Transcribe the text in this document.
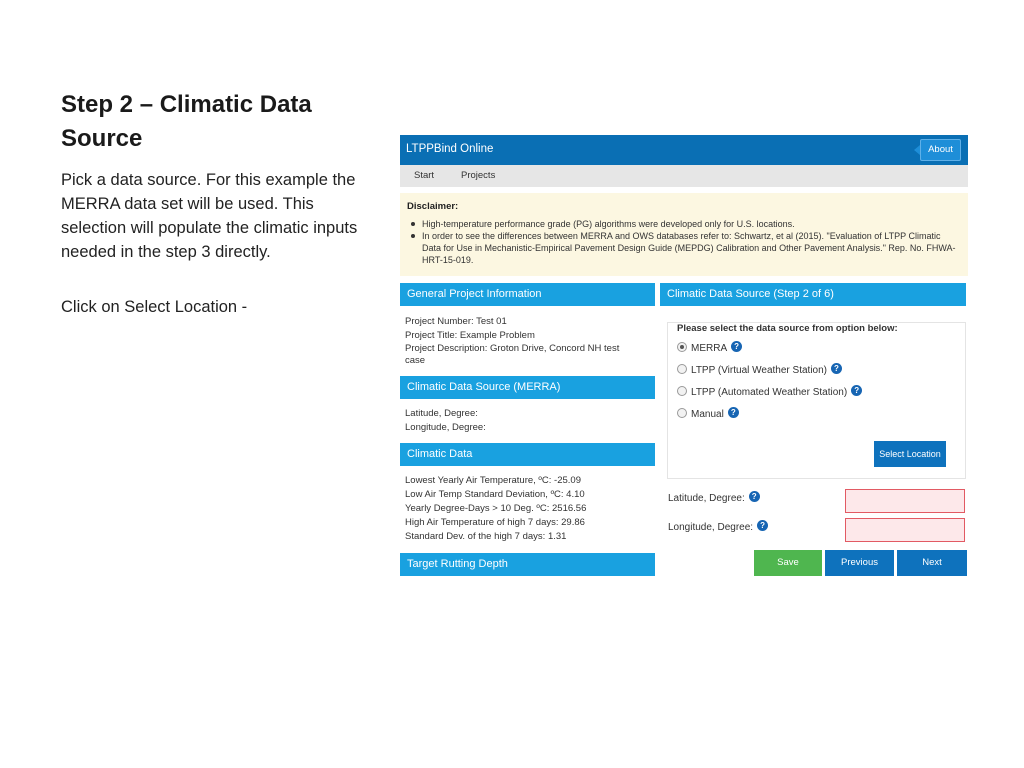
Step 2 – Climatic Data
Source
Pick a data source. For this example the MERRA data set will be used. This selection will populate the climatic inputs needed in the step 3 directly.
Click on Select Location -
LTPPBind Online	About
Start	Projects
Disclaimer:
High-temperature performance grade (PG) algorithms were developed only for U.S. locations.
In order to see the differences between MERRA and OWS databases refer to: Schwartz, et al (2015). "Evaluation of LTPP Climatic Data for Use in Mechanistic-Empirical Pavement Design Guide (MEPDG) Calibration and Other Pavement Analysis." Rep. No. FHWA-HRT-15-019.
General Project Information
Project Number: Test 01
Project Title: Example Problem
Project Description: Groton Drive, Concord NH test case
Climatic Data Source (MERRA)
Latitude, Degree:
Longitude, Degree:
Climatic Data
Lowest Yearly Air Temperature, ºC: -25.09
Low Air Temp Standard Deviation, ºC: 4.10
Yearly Degree-Days > 10 Deg. ºC: 2516.56
High Air Temperature of high 7 days: 29.86
Standard Dev. of the high 7 days: 1.31
Target Rutting Depth
Climatic Data Source (Step 2 of 6)
Please select the data source from option below:
MERRA ?
LTPP (Virtual Weather Station) ?
LTPP (Automated Weather Station) ?
Manual ?
Select Location
Latitude, Degree: ?
Longitude, Degree: ?
Save	Previous	Next
